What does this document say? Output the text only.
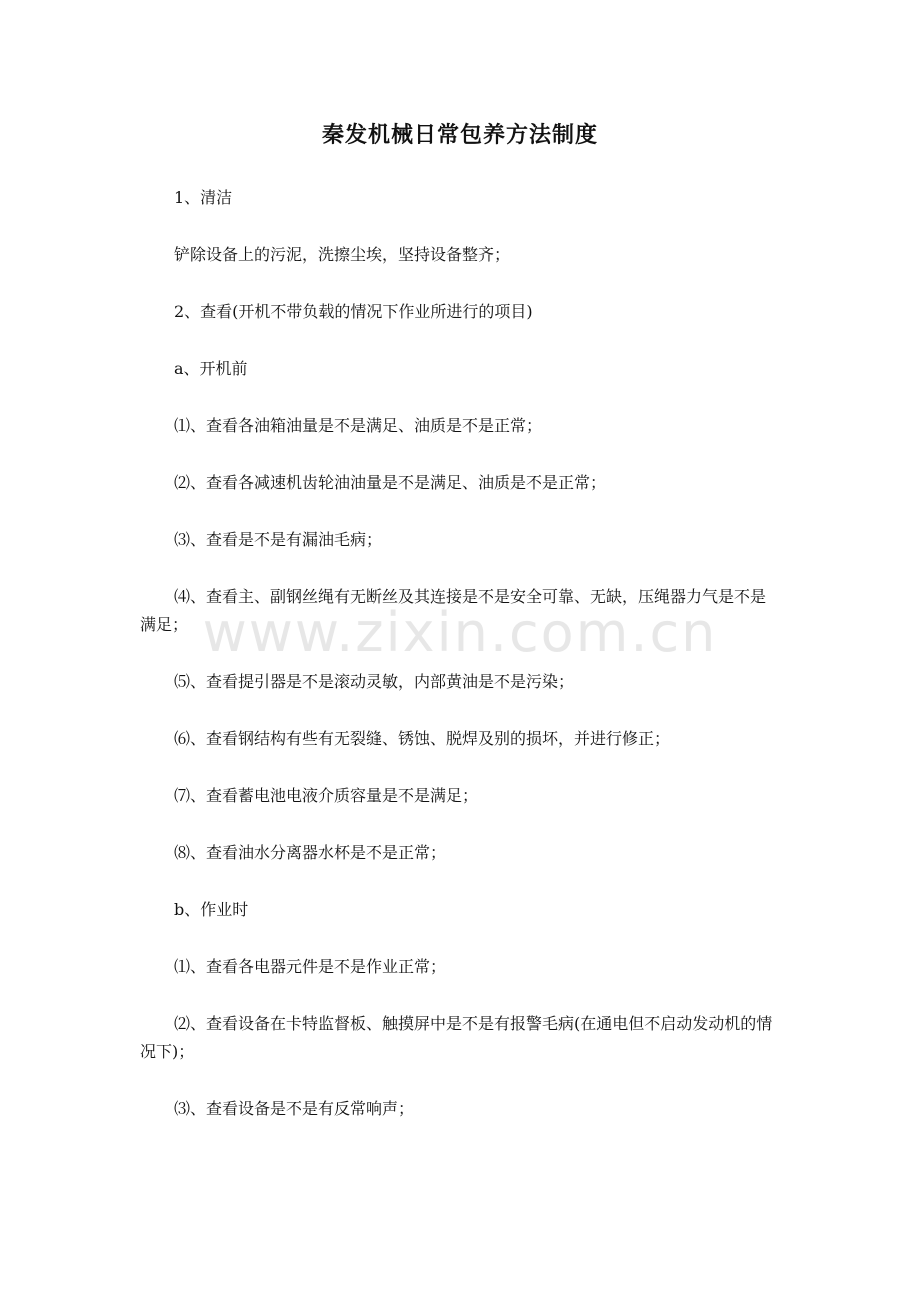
秦发机械日常包养方法制度

1、清洁

铲除设备上的污泥，洗擦尘埃，坚持设备整齐；

2、查看(开机不带负载的情况下作业所进行的项目)

a、开机前

⑴、查看各油箱油量是不是满足、油质是不是正常；

⑵、查看各减速机齿轮油油量是不是满足、油质是不是正常；

⑶、查看是不是有漏油毛病；

⑷、查看主、副钢丝绳有无断丝及其连接是不是安全可靠、无缺，压绳器力气是不是满足；

⑸、查看提引器是不是滚动灵敏，内部黄油是不是污染；

⑹、查看钢结构有些有无裂缝、锈蚀、脱焊及别的损坏，并进行修正；

⑺、查看蓄电池电液介质容量是不是满足；

⑻、查看油水分离器水杯是不是正常；

b、作业时

⑴、查看各电器元件是不是作业正常；

⑵、查看设备在卡特监督板、触摸屏中是不是有报警毛病(在通电但不启动发动机的情况下)；

⑶、查看设备是不是有反常响声；

www.zixin.com.cn
